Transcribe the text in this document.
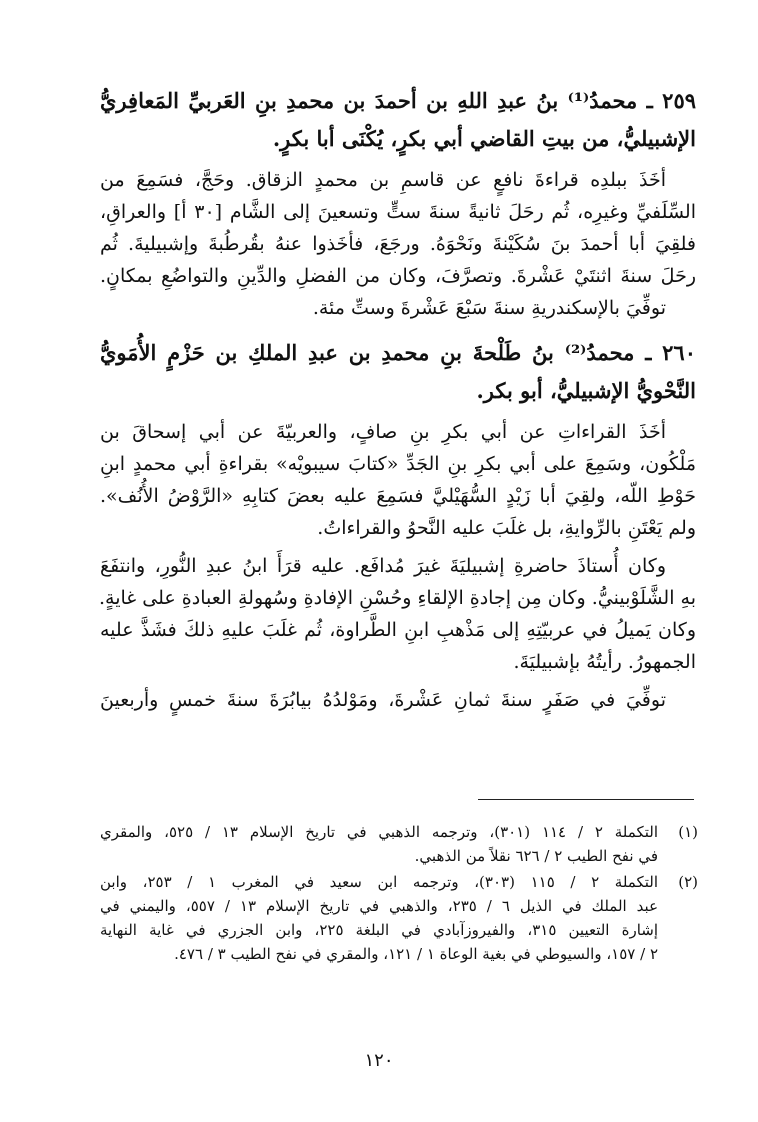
٢٥٩ ـ محمدُ⁽¹⁾ بنُ عبدِ اللهِ بن أحمدَ بن محمدِ بنِ العَربيِّ المَعافِريُّ
الإشبيليُّ، من بيتِ القاضي أبي بكرٍ، يُكْنَى أبا بكرٍ.
أخَذَ ببلدِه قراءةَ نافعٍ عن قاسمِ بن محمدٍ الزقاق. وحَجَّ، فسَمِعَ من
السِّلَفيِّ وغيرِه، ثُم رحَلَ ثانيةً سنةَ ستٍّ وتسعينَ إلى الشَّام [٣٠ أ] والعراقِ،
فلقِيَ أبا أحمدَ بنَ سُكَيْنةَ ونَحْوَهُ. ورجَعَ، فأخَذوا عنهُ بقُرطُبةَ وإشبيليةَ. ثُم
رحَلَ سنةَ اثنتَيْ عَشْرةَ. وتصرَّفَ، وكان من الفضلِ والدِّينِ والتواضُعِ بمكانٍ.
توفِّيَ بالإسكندريةِ سنةَ سَبْعَ عَشْرةَ وستِّ مئة.
٢٦٠ ـ محمدُ⁽²⁾ بنُ طَلْحةَ بنِ محمدِ بن عبدِ الملكِ بن حَزْمٍ الأُمَويُّ
النَّحْويُّ الإشبيليُّ، أبو بكر.
أخَذَ القراءاتِ عن أبي بكرِ بنِ صافٍ، والعربيّةَ عن أبي إسحاقَ بن
مَلْكُون، وسَمِعَ على أبي بكرِ بنِ الجَدِّ «كتابَ سيبويْه» بقراءةِ أبي محمدٍ ابنِ
حَوْطِ اللّه، ولقِيَ أبا زَيْدٍ السُّهَيْليَّ فسَمِعَ عليه بعضَ كتابِهِ «الرَّوْضُ الأُنُف».
ولم يَعْتَنِ بالرِّوايةِ، بل غلَبَ عليه النَّحوُ والقراءاتُ.
وكان أُستاذَ حاضرةِ إشبيليَةَ غيرَ مُدافَع. عليه قرَأَ ابنُ عبدِ النُّورِ، وانتفَعَ
بهِ الشَّلَوْبينيُّ. وكان مِن إجادةِ الإلقاءِ وحُسْنِ الإفادةِ وسُهولةِ العبادةِ على غايةٍ.
وكان يَميلُ في عربيّتِهِ إلى مَذْهبِ ابنِ الطَّراوة، ثُم غلَبَ عليهِ ذلكَ فشَذَّ عليه
الجمهورُ. رأيتُهُ بإشبيليَةَ.
توفِّيَ في صَفَرٍ سنةَ ثمانِ عَشْرةَ، ومَوْلدُهُ بيابُرَةَ سنةَ خمسٍ وأربعينَ
(١)
التكملة ٢ / ١١٤ (٣٠١)، وترجمه الذهبي في تاريخ الإسلام ١٣ / ٥٢٥، والمقري
في نفح الطيب ٢ / ٦٢٦ نقلاً من الذهبي.
(٢)
التكملة ٢ / ١١٥ (٣٠٣)، وترجمه ابن سعيد في المغرب ١ / ٢٥٣، وابن
عبد الملك في الذيل ٦ / ٢٣٥، والذهبي في تاريخ الإسلام ١٣ / ٥٥٧، واليمني في
إشارة التعيين ٣١٥، والفيروزآبادي في البلغة ٢٢٥، وابن الجزري في غاية النهاية
٢ / ١٥٧، والسيوطي في بغية الوعاة ١ / ١٢١، والمقري في نفح الطيب ٣ / ٤٧٦.
١٢٠
